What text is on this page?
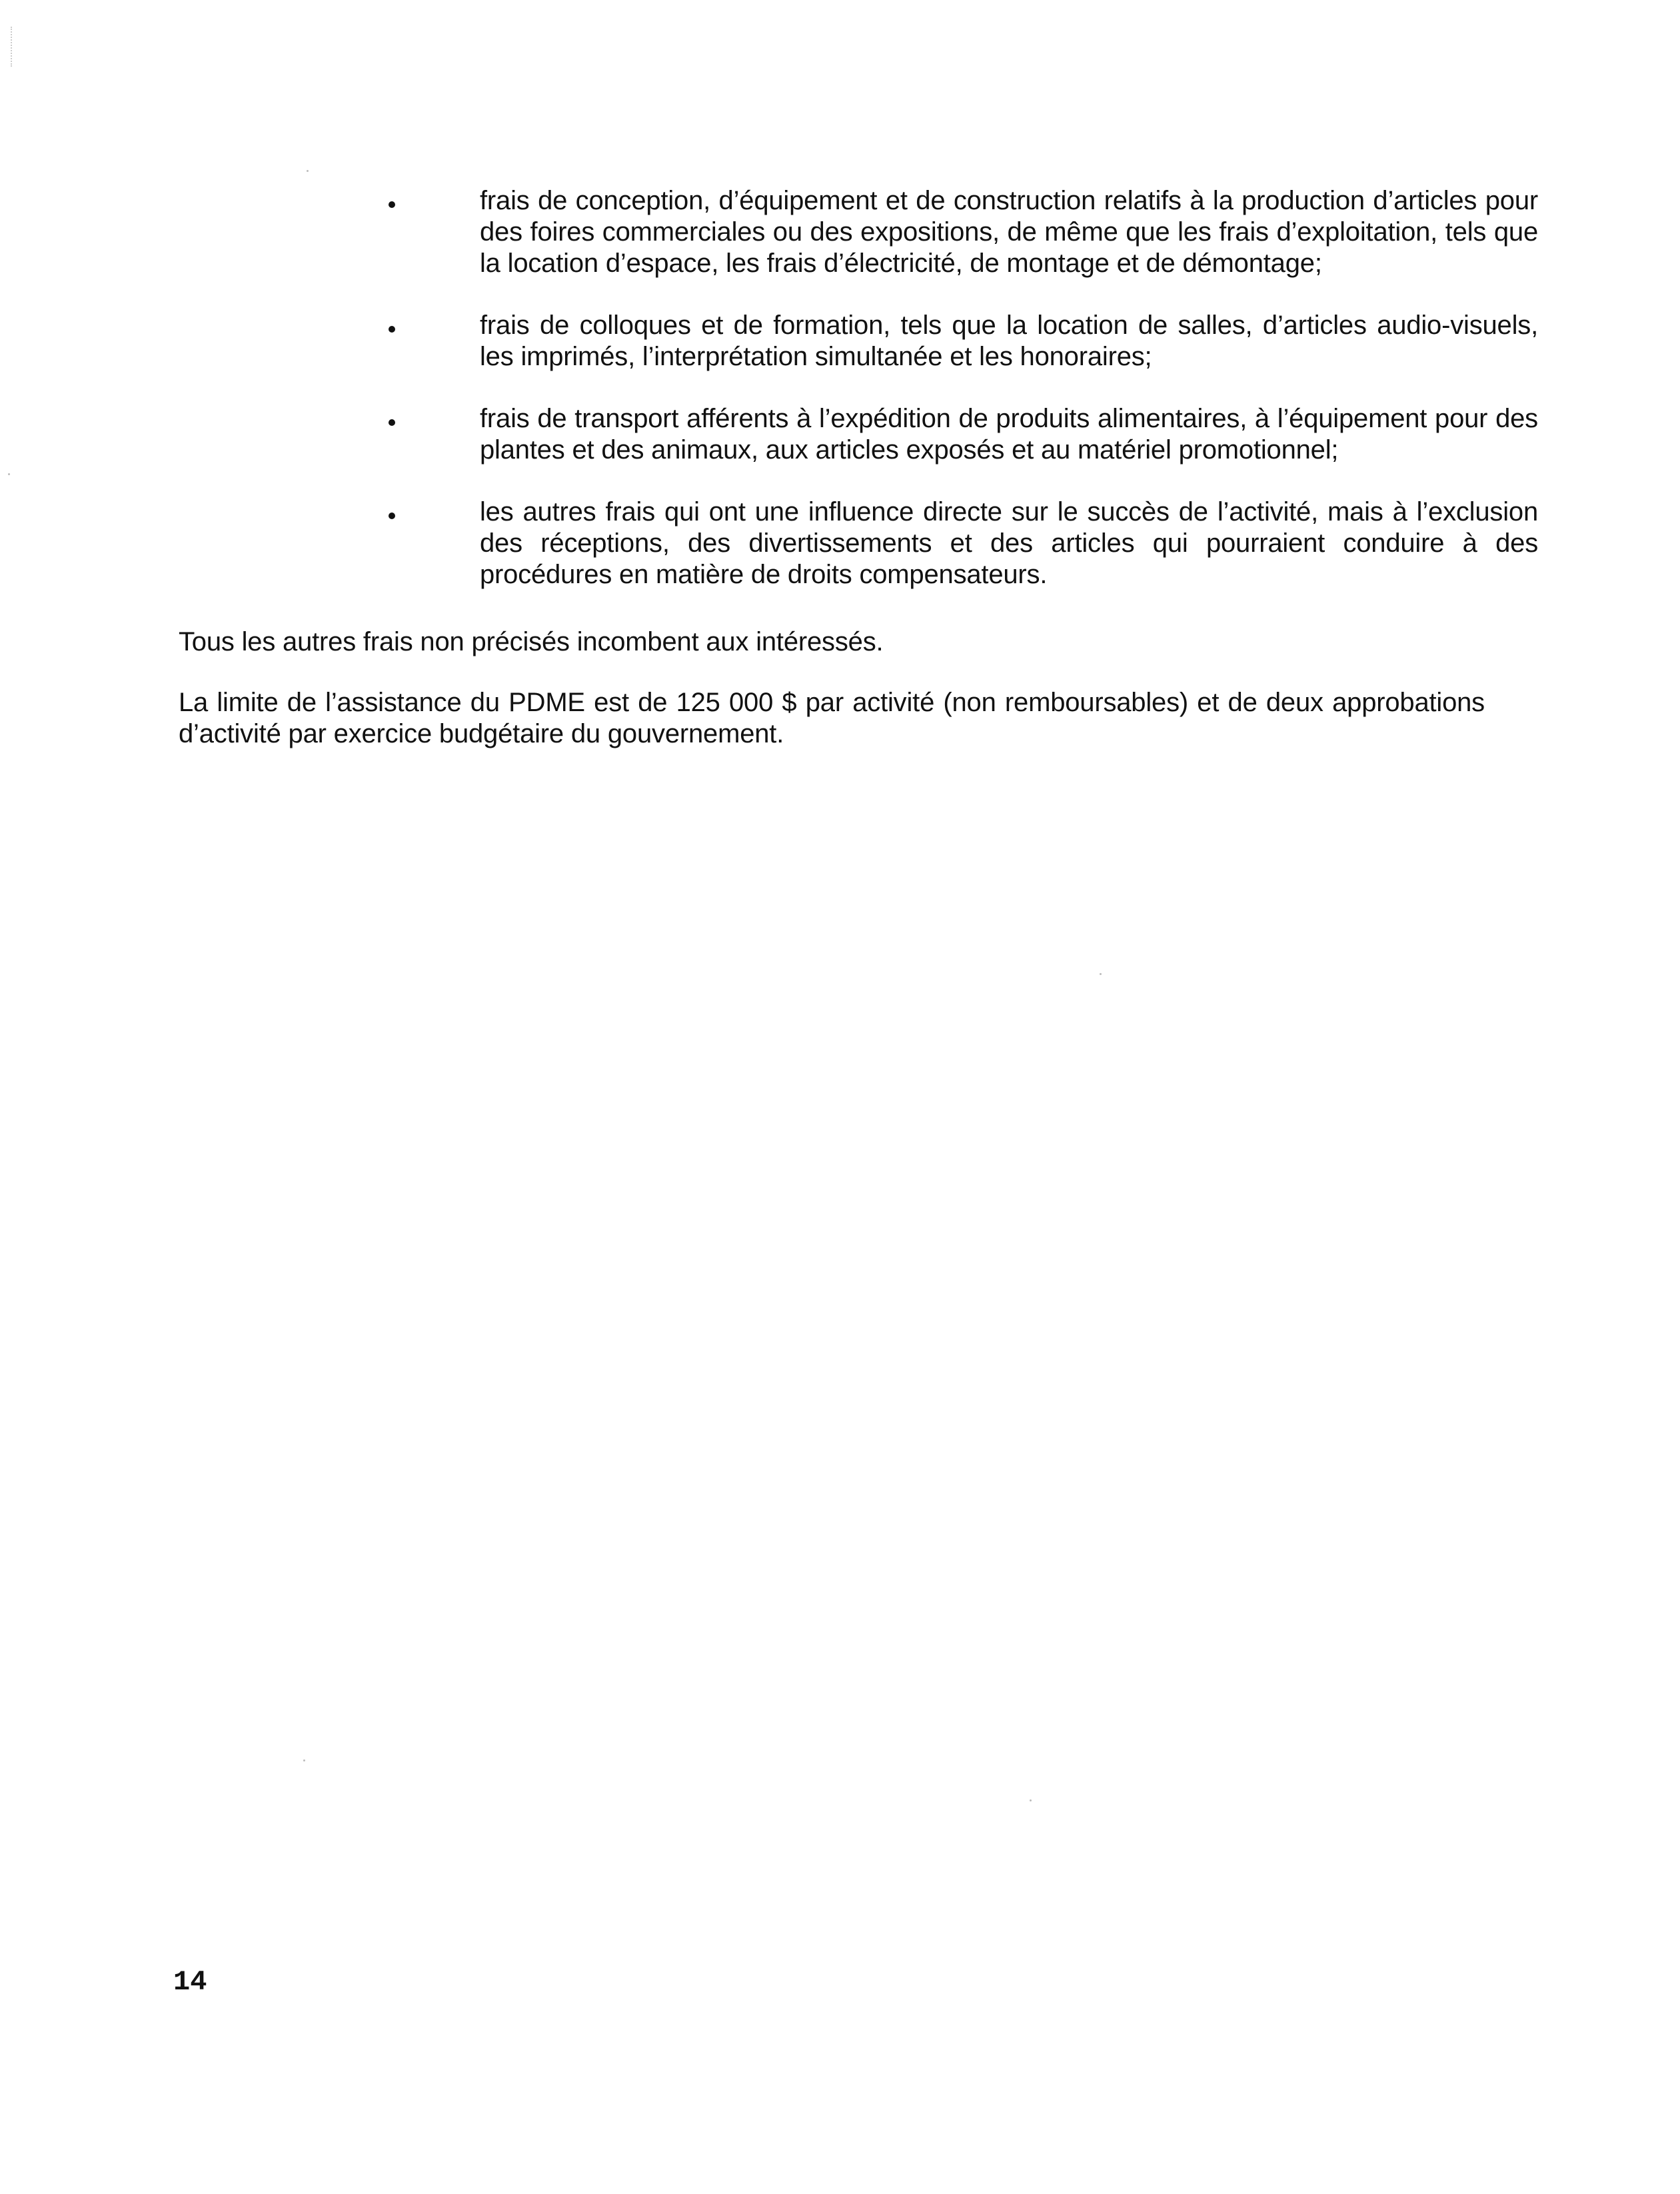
frais de conception, d’équipement et de construction relatifs à la production d’articles pour des foires commerciales ou des expositions, de même que les frais d’exploitation, tels que la location d’espace, les frais d’électricité, de montage et de démontage;
frais de colloques et de formation, tels que la location de salles, d’articles audio-visuels, les imprimés, l’interprétation simultanée et les honoraires;
frais de transport afférents à l’expédition de produits alimentaires, à l’équipement pour des plantes et des animaux, aux articles exposés et au matériel promotionnel;
les autres frais qui ont une influence directe sur le succès de l’activité, mais à l’exclusion des réceptions, des divertissements et des articles qui pourraient conduire à des procédures en matière de droits compensateurs.

Tous les autres frais non précisés incombent aux intéressés.

La limite de l’assistance du PDME est de 125 000 $ par activité (non remboursables) et de deux approbations d’activité par exercice budgétaire du gouvernement.

14
